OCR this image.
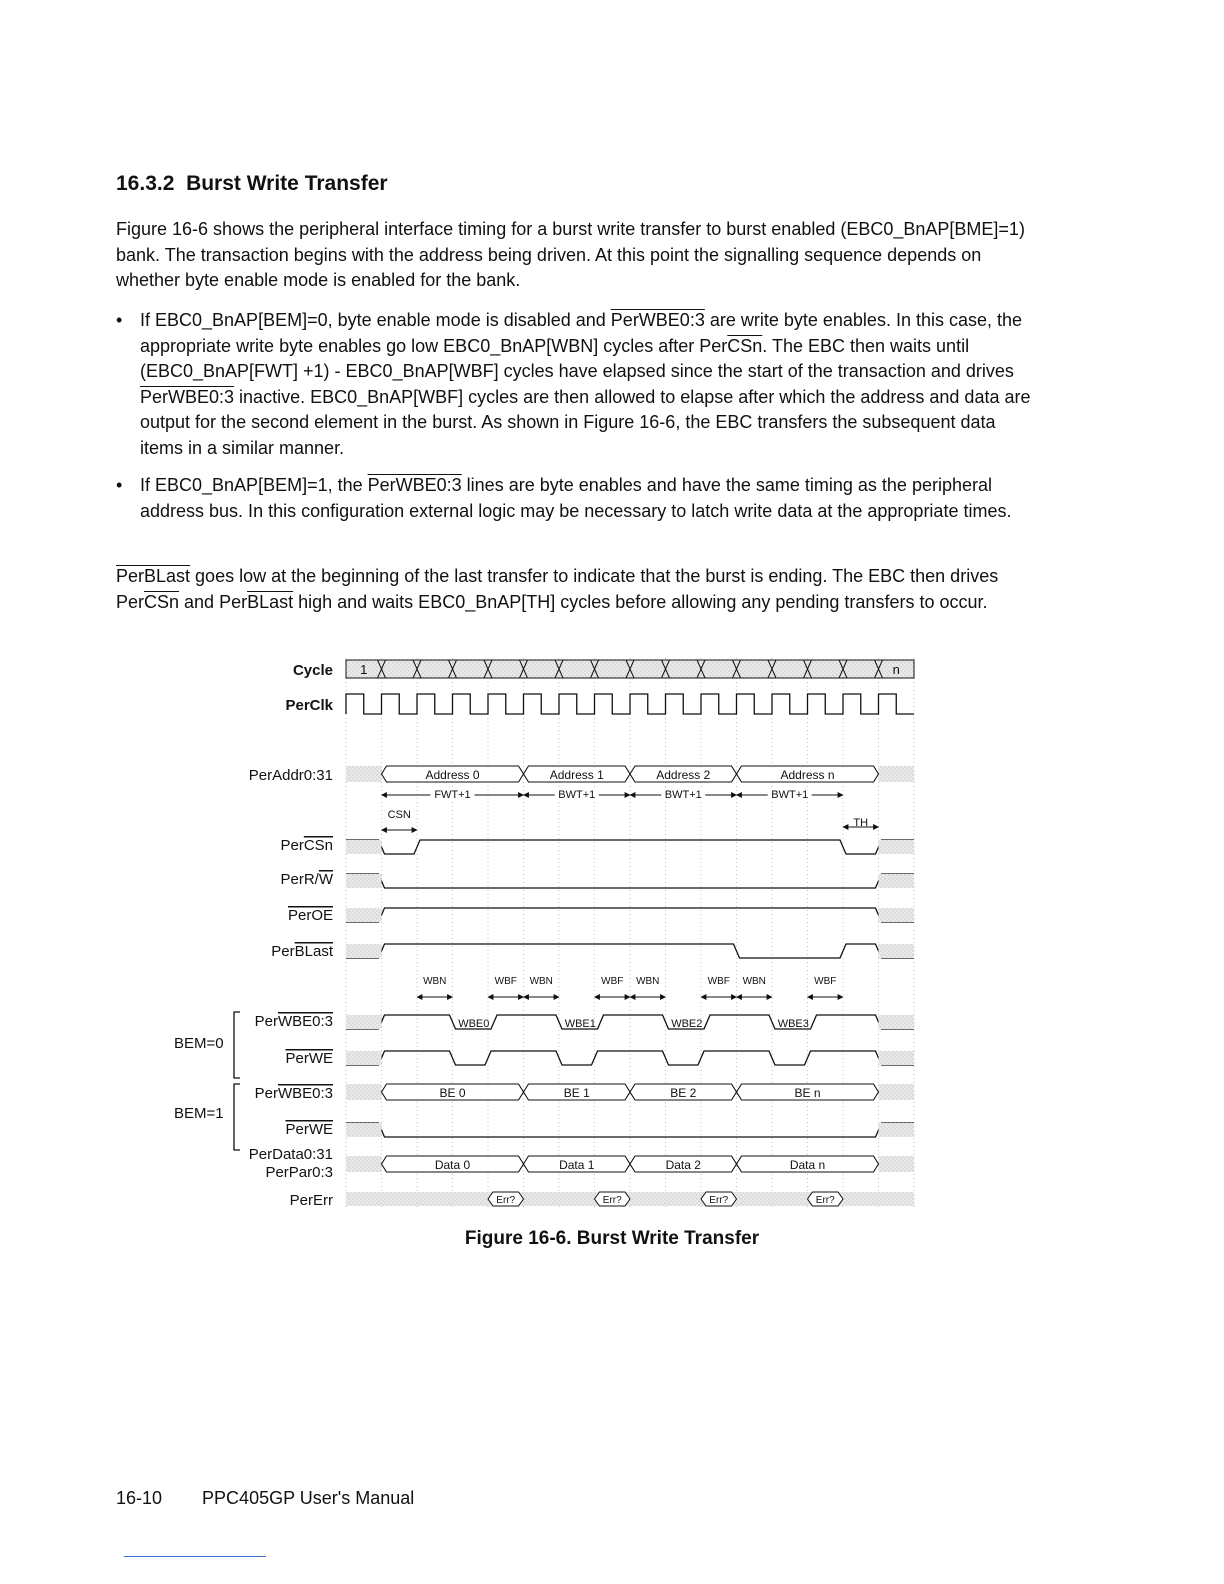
16.3.2 Burst Write Transfer

Figure 16-6 shows the peripheral interface timing for a burst write transfer to burst enabled (EBC0_BnAP[BME]=1) bank. The transaction begins with the address being driven. At this point the signalling sequence depends on whether byte enable mode is enabled for the bank.

• If EBC0_BnAP[BEM]=0, byte enable mode is disabled and PerWBE0:3 are write byte enables. In this case, the appropriate write byte enables go low EBC0_BnAP[WBN] cycles after $Per\overline{CSn}$. The EBC then waits until (EBC0_BnAP[FWT] +1) - EBC0_BnAP[WBF] cycles have elapsed since the start of the transaction and drives PerWBE0:3 inactive. EBC0_BnAP[WBF] cycles are then allowed to elapse after which the address and data are output for the second element in the burst. As shown in Figure 16-6, the EBC transfers the subsequent data items in a similar manner.
• If EBC0_BnAP[BEM]=1, the PerWBE0:3 lines are byte enables and have the same timing as the peripheral address bus. In this configuration external logic may be necessary to latch write data at the appropriate times.

PerBLast goes low at the beginning of the last transfer to indicate that the burst is ending. The EBC then drives $Per\overline{CSn}$ and PerBLast high and waits EBC0_BnAP[TH] cycles before allowing any pending transfers to occur.

1	n
Address 0	Address 1	Address 2	Address n
WBE0	WBE1	WBE2	WBE3
BE 0	BE 1	BE 2	BE n
Data 0	Data 1	Data 2	Data n
Err?	Err?	Err?	Err?
FWT+1	BWT+1	BWT+1	BWT+1
CSN
TH
WBN	WBF WBN	WBF WBN	WBF WBN	WBF
Cycle
PerClk
PerAddr0:31
PerCSn
PerR/W
PerOE
PerBLast
PerWBE0:3
PerWE
PerWBE0:3
PerWE
PerData0:31
PerPar0:3
PerErr
BEM=0
BEM=1
Figure 16-6. Burst Write Transfer
16-10 PPC405GP User's Manual
